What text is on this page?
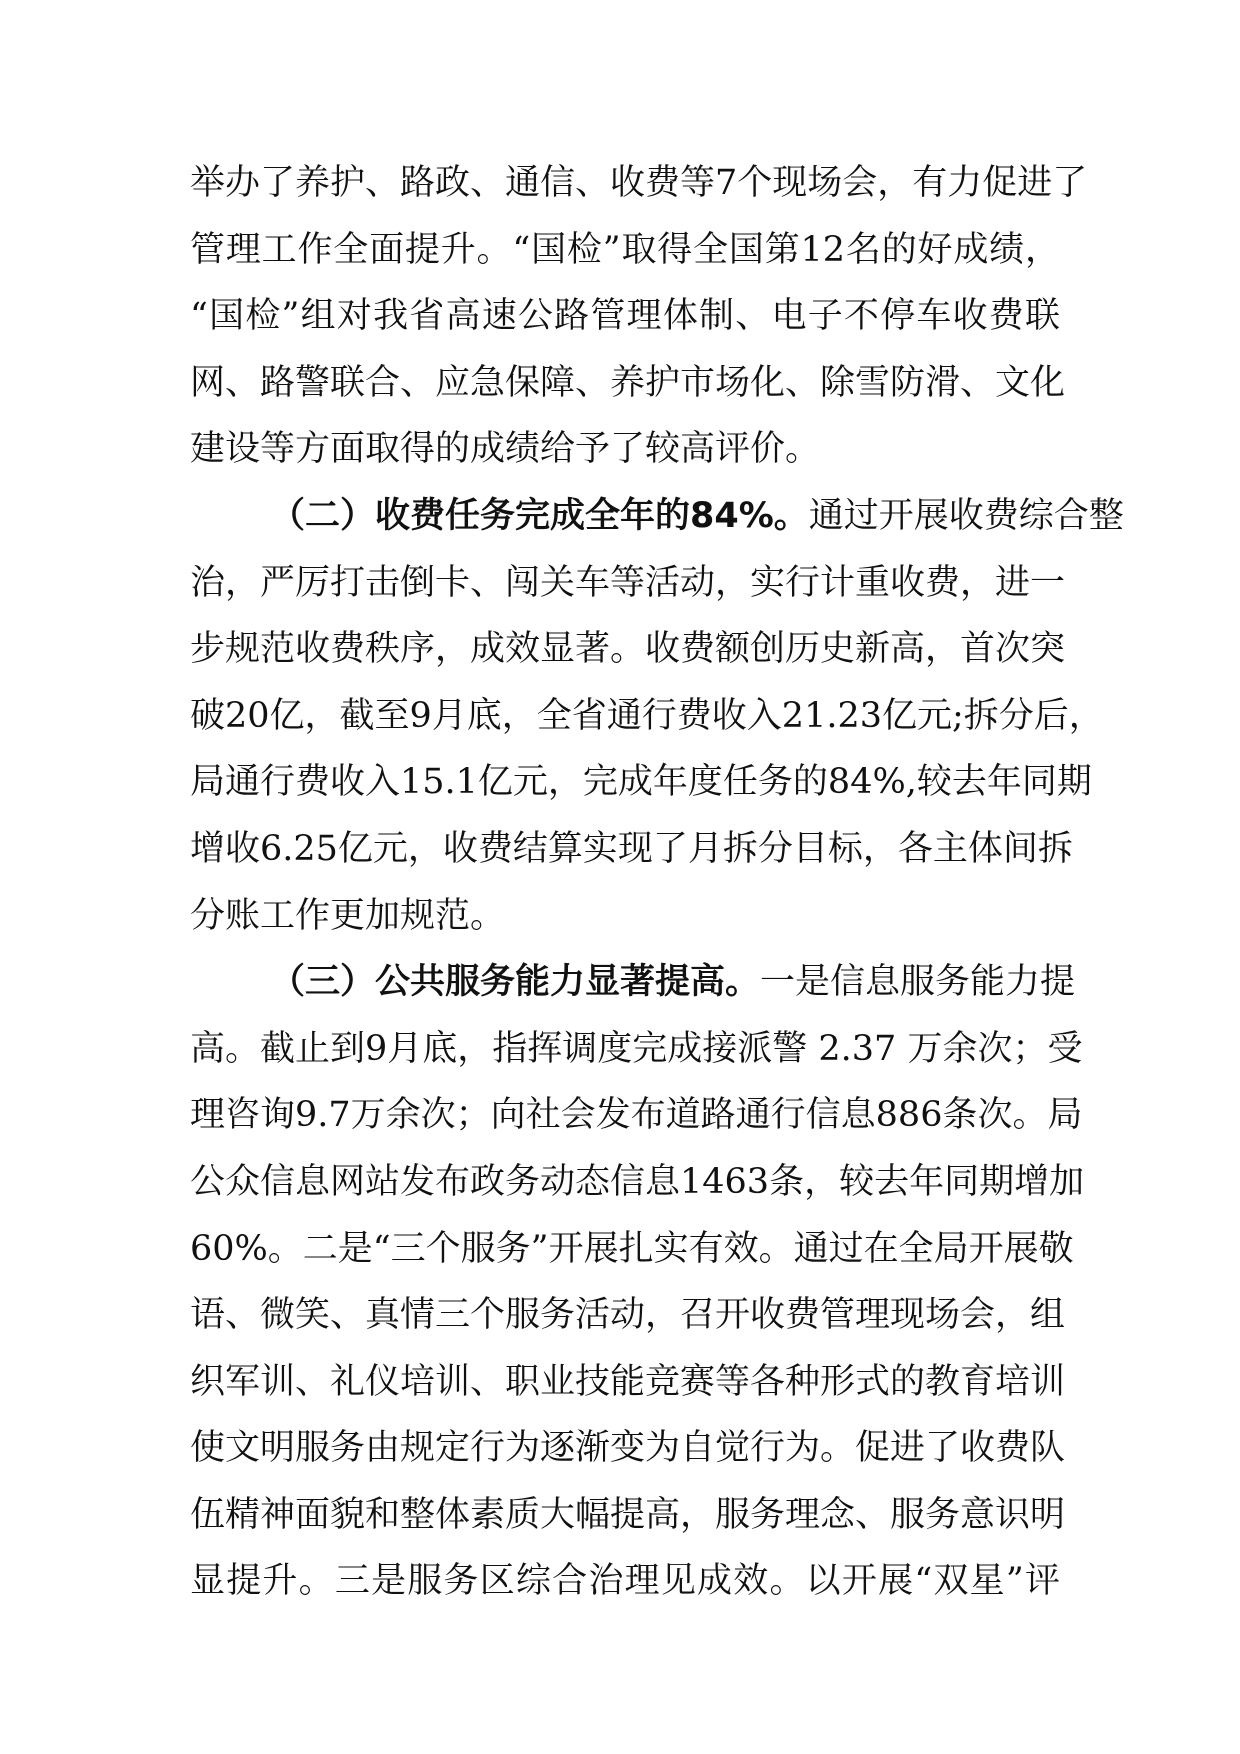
举办了养护、路政、通信、收费等7个现场会，有力促进了
管理工作全面提升。“国检”取得全国第12名的好成绩，
“国检”组对我省高速公路管理体制、电子不停车收费联
网、路警联合、应急保障、养护市场化、除雪防滑、文化
建设等方面取得的成绩给予了较高评价。
（二）收费任务完成全年的84%。通过开展收费综合整
治，严厉打击倒卡、闯关车等活动，实行计重收费，进一
步规范收费秩序，成效显著。收费额创历史新高，首次突
破20亿，截至9月底，全省通行费收入21.23亿元;拆分后，
局通行费收入15.1亿元，完成年度任务的84%,较去年同期
增收6.25亿元，收费结算实现了月拆分目标，各主体间拆
分账工作更加规范。
（三）公共服务能力显著提高。一是信息服务能力提
高。截止到9月底，指挥调度完成接派警 2.37 万余次；受
理咨询9.7万余次；向社会发布道路通行信息886条次。局
公众信息网站发布政务动态信息1463条，较去年同期增加
60%。二是“三个服务”开展扎实有效。通过在全局开展敬
语、微笑、真情三个服务活动，召开收费管理现场会，组
织军训、礼仪培训、职业技能竞赛等各种形式的教育培训
使文明服务由规定行为逐渐变为自觉行为。促进了收费队
伍精神面貌和整体素质大幅提高，服务理念、服务意识明
显提升。三是服务区综合治理见成效。以开展“双星”评
